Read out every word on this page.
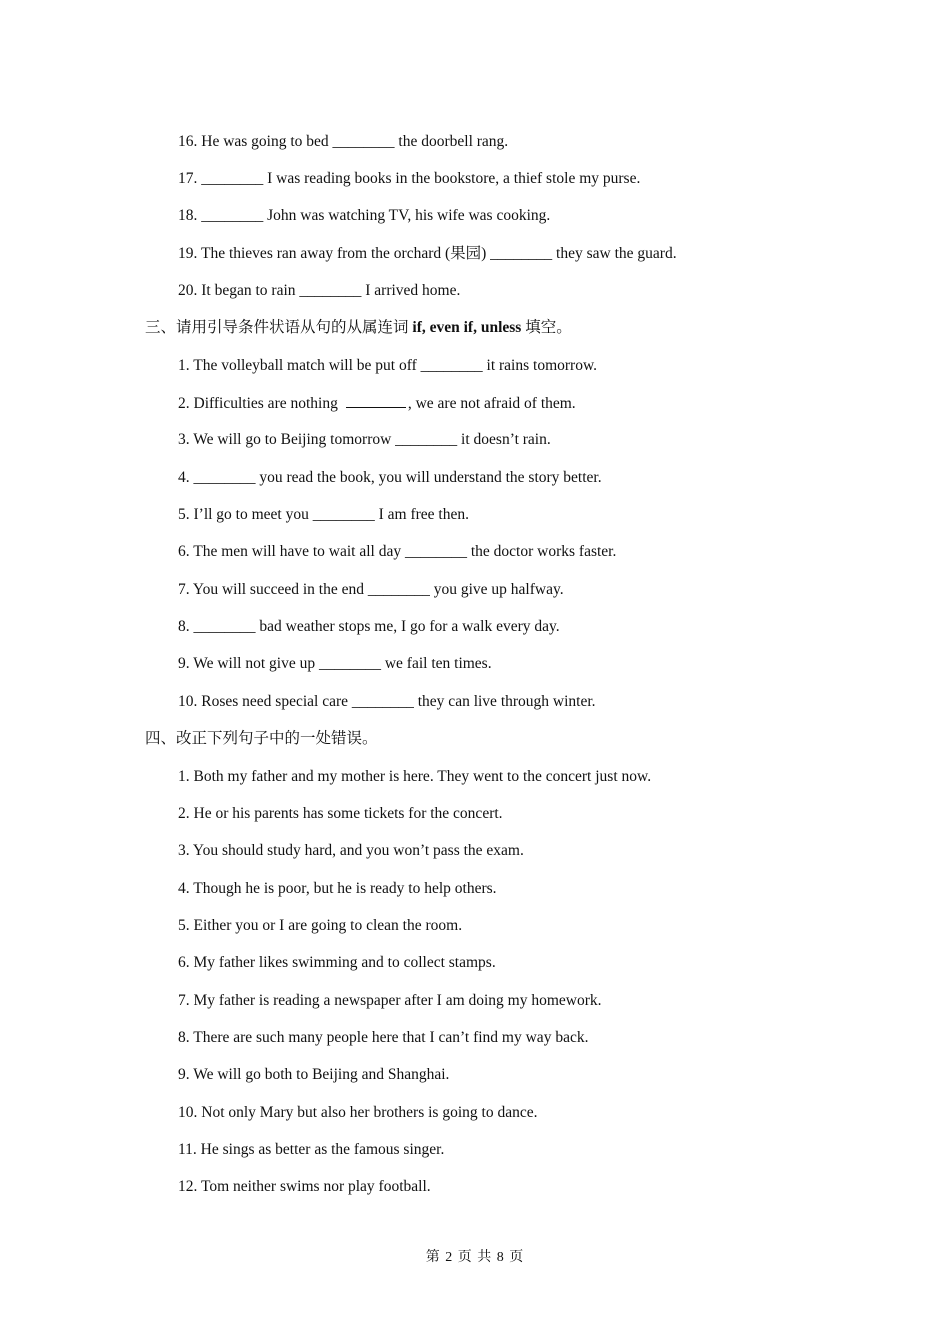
16. He was going to bed ________ the doorbell rang.
17. ________ I was reading books in the bookstore, a thief stole my purse.
18. ________ John was watching TV, his wife was cooking.
19. The thieves ran away from the orchard (果园) ________ they saw the guard.
20. It began to rain ________ I arrived home.
三、请用引导条件状语从句的从属连词 if, even if, unless 填空。
1. The volleyball match will be put off ________ it rains tomorrow.
2. Difficulties are nothing	, we are not afraid of them.
3. We will go to Beijing tomorrow ________ it doesn’t rain.
4. ________ you read the book, you will understand the story better.
5. I’ll go to meet you ________ I am free then.
6. The men will have to wait all day ________ the doctor works faster.
7. You will succeed in the end ________ you give up halfway.
8. ________ bad weather stops me, I go for a walk every day.
9. We will not give up ________ we fail ten times.
10. Roses need special care ________ they can live through winter.
四、改正下列句子中的一处错误。
1. Both my father and my mother is here. They went to the concert just now.
2. He or his parents has some tickets for the concert.
3. You should study hard, and you won’t pass the exam.
4. Though he is poor, but he is ready to help others.
5. Either you or I are going to clean the room.
6. My father likes swimming and to collect stamps.
7. My father is reading a newspaper after I am doing my homework.
8. There are such many people here that I can’t find my way back.
9. We will go both to Beijing and Shanghai.
10. Not only Mary but also her brothers is going to dance.
11. He sings as better as the famous singer.
12. Tom neither swims nor play football.
第 2 页 共 8 页
